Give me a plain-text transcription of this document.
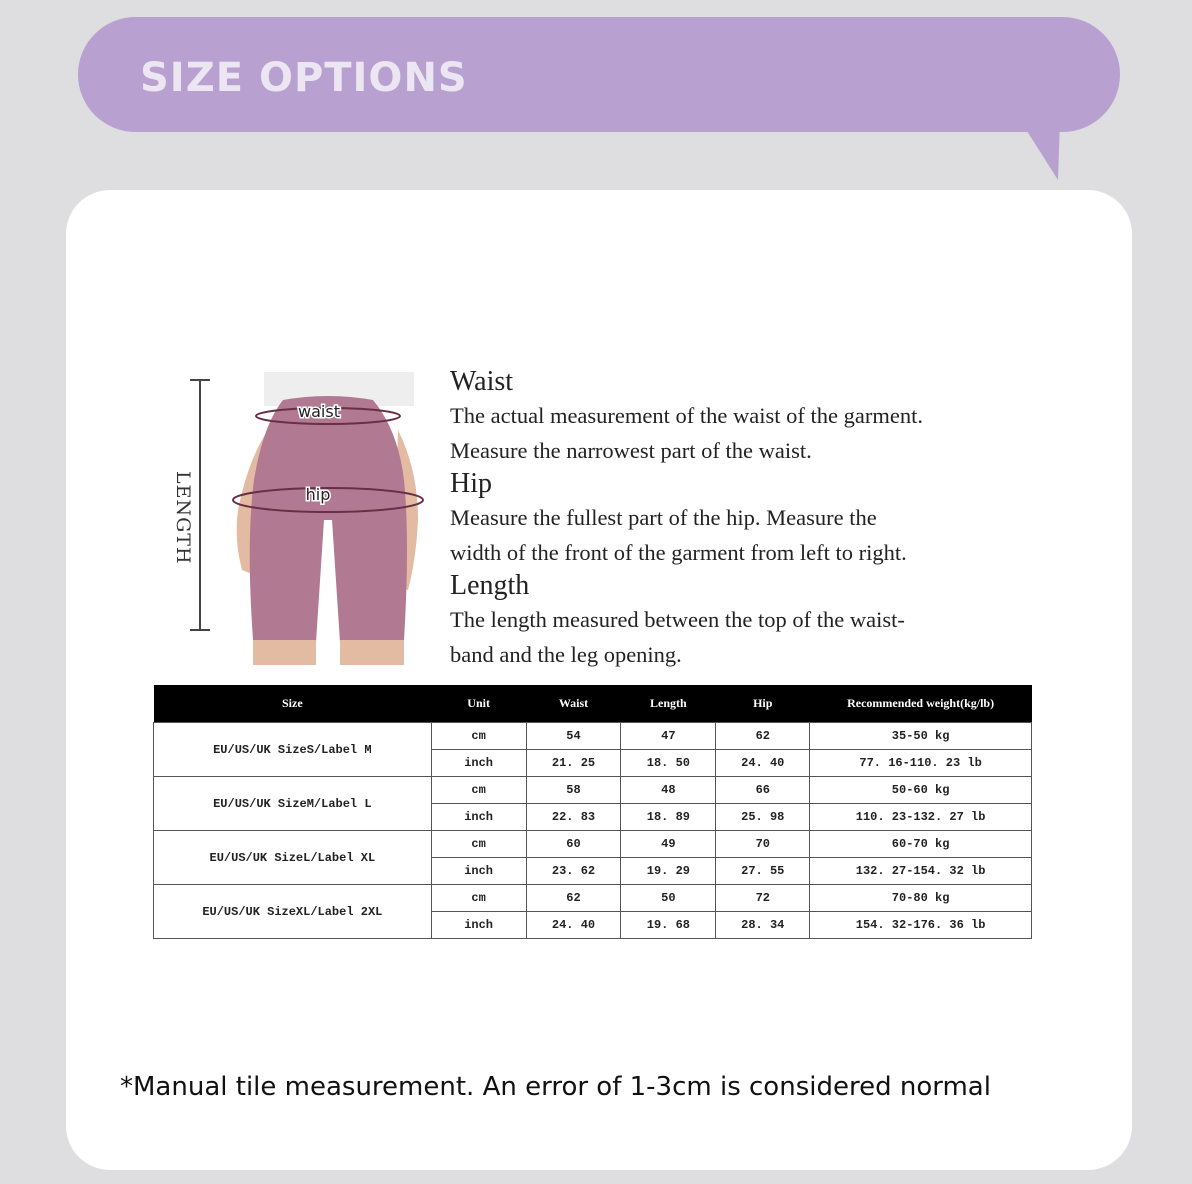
SIZE OPTIONS
LENGTH
waist
hip
Waist

The actual measurement of the waist of the garment.

Measure the narrowest part of the waist.

Hip

Measure the fullest part of the hip. Measure the

width of the front of the garment from left to right.

Length

The length measured between the top of the waist-

band and the leg opening.

Size	Unit	Waist	Length	Hip	Recommended weight(kg/lb)
EU/US/UK SizeS/Label M	cm	54	47	62	35-50 kg
	inch	21. 25	18. 50	24. 40	77. 16-110. 23 lb
EU/US/UK SizeM/Label L	cm	58	48	66	50-60 kg
	inch	22. 83	18. 89	25. 98	110. 23-132. 27 lb
EU/US/UK SizeL/Label XL	cm	60	49	70	60-70 kg
	inch	23. 62	19. 29	27. 55	132. 27-154. 32 lb
EU/US/UK SizeXL/Label 2XL	cm	62	50	72	70-80 kg
	inch	24. 40	19. 68	28. 34	154. 32-176. 36 lb
*Manual tile measurement. An error of 1-3cm is considered normal
